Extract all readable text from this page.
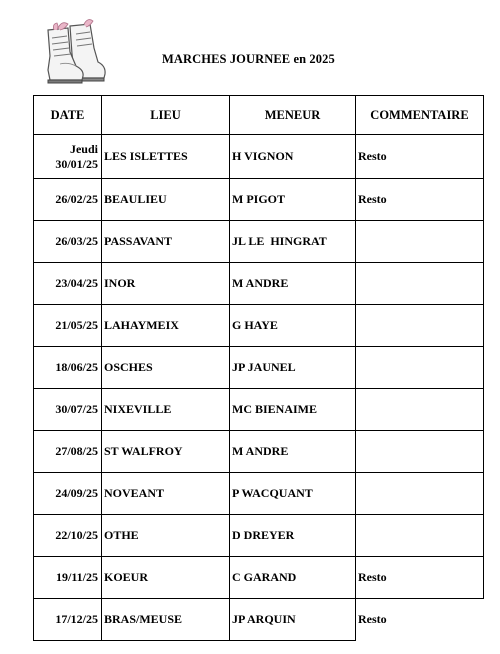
MARCHES JOURNEE en 2025
DATE	LIEU	MENEUR	COMMENTAIRE

Jeudi
30/01/25	LES ISLETTES	H VIGNON	Resto
26/02/25	BEAULIEU	M PIGOT	Resto
26/03/25	PASSAVANT	JL LE  HINGRAT	
23/04/25	INOR	M ANDRE	
21/05/25	LAHAYMEIX	G HAYE	
18/06/25	OSCHES	JP JAUNEL	
30/07/25	NIXEVILLE	MC BIENAIME	
27/08/25	ST WALFROY	M ANDRE	
24/09/25	NOVEANT	P WACQUANT	
22/10/25	OTHE	D DREYER	
19/11/25	KOEUR	C GARAND	Resto
17/12/25	BRAS/MEUSE	JP ARQUIN	Resto
